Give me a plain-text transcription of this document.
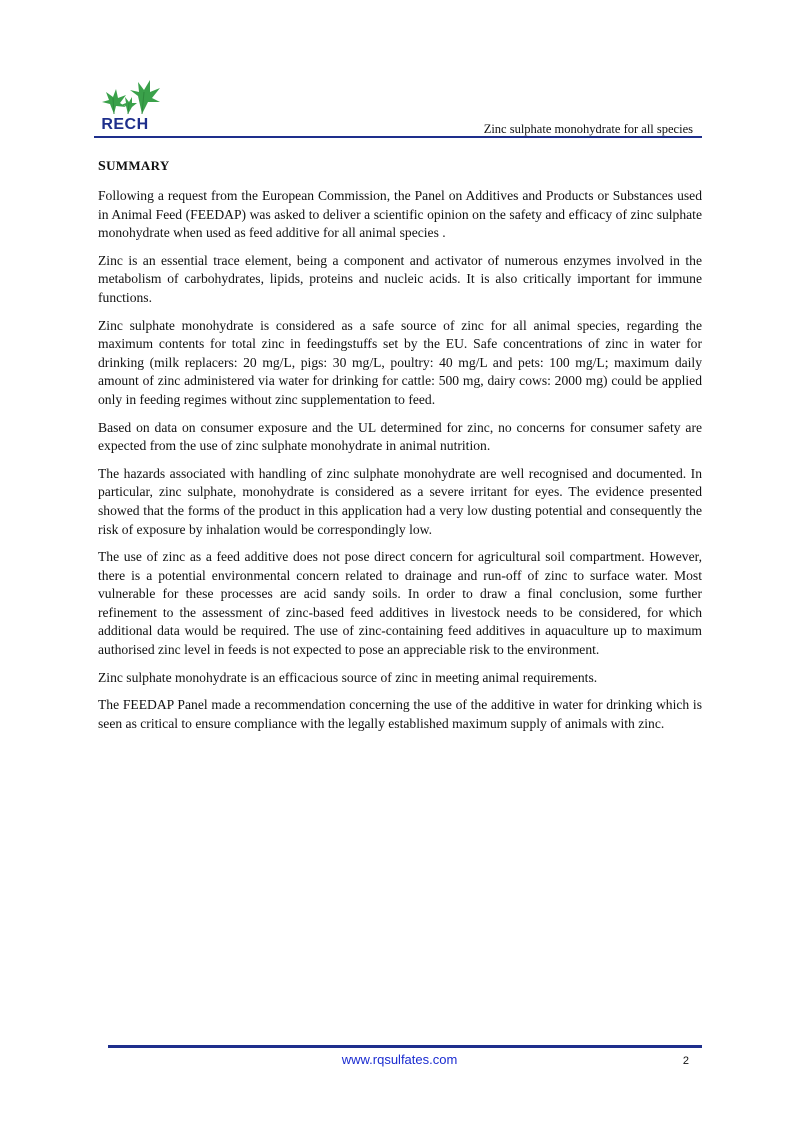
RECH	Zinc sulphate monohydrate for all species
SUMMARY

Following a request from the European Commission, the Panel on Additives and Products or Substances used in Animal Feed (FEEDAP) was asked to deliver a scientific opinion on the safety and efficacy of zinc sulphate monohydrate when used as feed additive for all animal species .

Zinc is an essential trace element, being a component and activator of numerous enzymes involved in the metabolism of carbohydrates, lipids, proteins and nucleic acids. It is also critically important for immune functions.

Zinc sulphate monohydrate is considered as a safe source of zinc for all animal species, regarding the maximum contents for total zinc in feedingstuffs set by the EU. Safe concentrations of zinc in water for drinking (milk replacers: 20 mg/L, pigs: 30 mg/L, poultry: 40 mg/L and pets: 100 mg/L; maximum daily amount of zinc administered via water for drinking for cattle: 500 mg, dairy cows: 2000 mg) could be applied only in feeding regimes without zinc supplementation to feed.

Based on data on consumer exposure and the UL determined for zinc, no concerns for consumer safety are expected from the use of zinc sulphate monohydrate in animal nutrition.

The hazards associated with handling of zinc sulphate monohydrate are well recognised and documented. In particular, zinc sulphate, monohydrate is considered as a severe irritant for eyes. The evidence presented showed that the forms of the product in this application had a very low dusting potential and consequently the risk of exposure by inhalation would be correspondingly low.

The use of zinc as a feed additive does not pose direct concern for agricultural soil compartment. However, there is a potential environmental concern related to drainage and run-off of zinc to surface water. Most vulnerable for these processes are acid sandy soils. In order to draw a final conclusion, some further refinement to the assessment of zinc-based feed additives in livestock needs to be considered, for which additional data would be required. The use of zinc-containing feed additives in aquaculture up to maximum authorised zinc level in feeds is not expected to pose an appreciable risk to the environment.

Zinc sulphate monohydrate is an efficacious source of zinc in meeting animal requirements.

The FEEDAP Panel made a recommendation concerning the use of the additive in water for drinking which is seen as critical to ensure compliance with the legally established maximum supply of animals with zinc.

www.rqsulfates.com	2
